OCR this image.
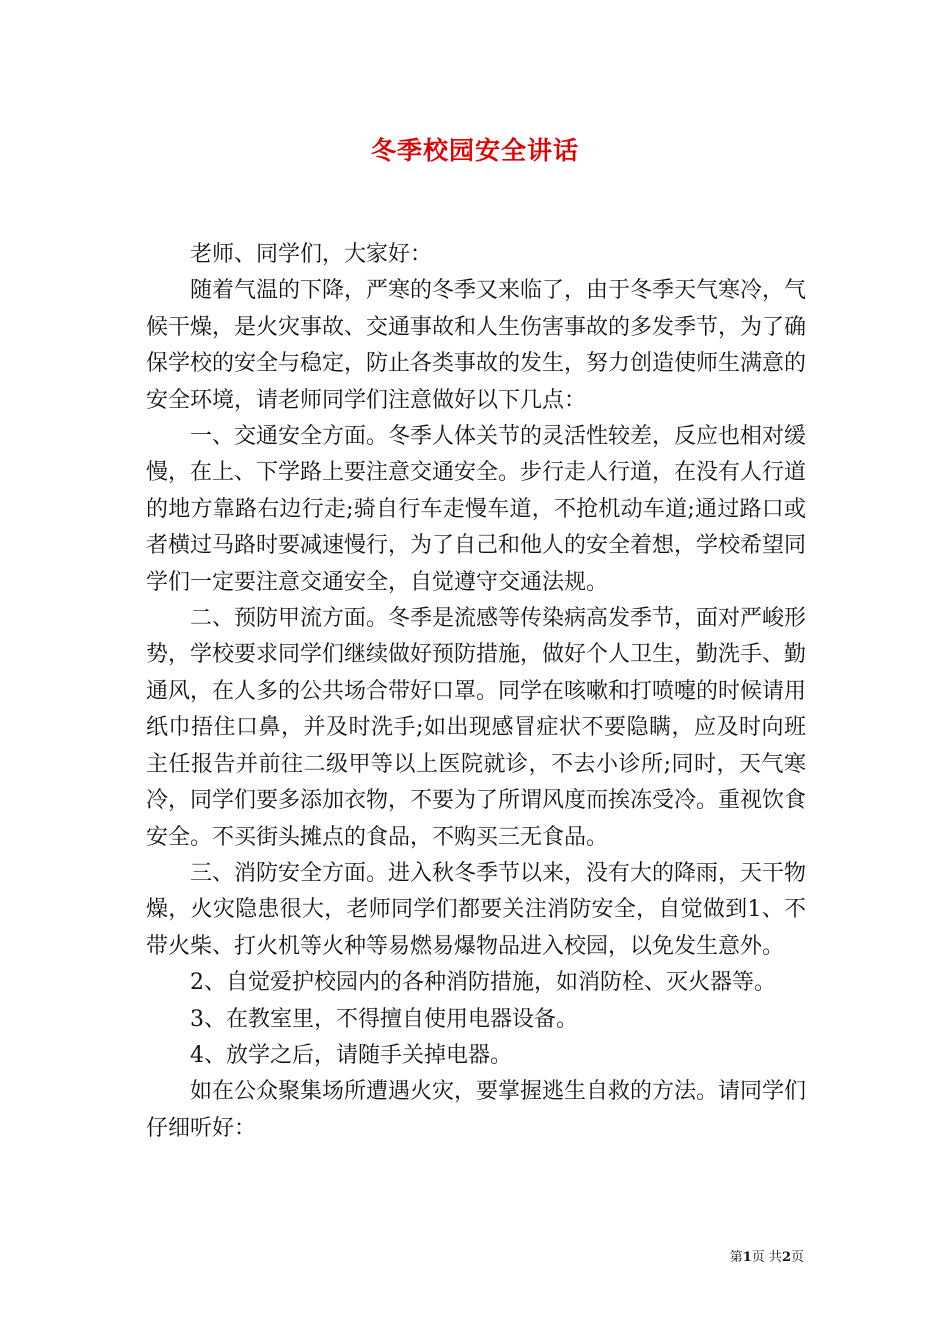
冬季校园安全讲话

老师、同学们，大家好：

随着气温的下降，严寒的冬季又来临了，由于冬季天气寒冷，气候干燥，是火灾事故、交通事故和人生伤害事故的多发季节，为了确保学校的安全与稳定，防止各类事故的发生，努力创造使师生满意的安全环境，请老师同学们注意做好以下几点：

一、交通安全方面。冬季人体关节的灵活性较差，反应也相对缓慢，在上、下学路上要注意交通安全。步行走人行道，在没有人行道的地方靠路右边行走;骑自行车走慢车道，不抢机动车道;通过路口或者横过马路时要减速慢行，为了自己和他人的安全着想，学校希望同学们一定要注意交通安全，自觉遵守交通法规。

二、预防甲流方面。冬季是流感等传染病高发季节，面对严峻形势，学校要求同学们继续做好预防措施，做好个人卫生，勤洗手、勤通风，在人多的公共场合带好口罩。同学在咳嗽和打喷嚏的时候请用纸巾捂住口鼻，并及时洗手;如出现感冒症状不要隐瞒，应及时向班主任报告并前往二级甲等以上医院就诊，不去小诊所;同时，天气寒冷，同学们要多添加衣物，不要为了所谓风度而挨冻受冷。重视饮食安全。不买街头摊点的食品，不购买三无食品。

三、消防安全方面。进入秋冬季节以来，没有大的降雨，天干物燥，火灾隐患很大，老师同学们都要关注消防安全，自觉做到1、不带火柴、打火机等火种等易燃易爆物品进入校园，以免发生意外。

2、自觉爱护校园内的各种消防措施，如消防栓、灭火器等。

3、在教室里，不得擅自使用电器设备。

4、放学之后，请随手关掉电器。

如在公众聚集场所遭遇火灾，要掌握逃生自救的方法。请同学们仔细听好：

第1页 共2页
